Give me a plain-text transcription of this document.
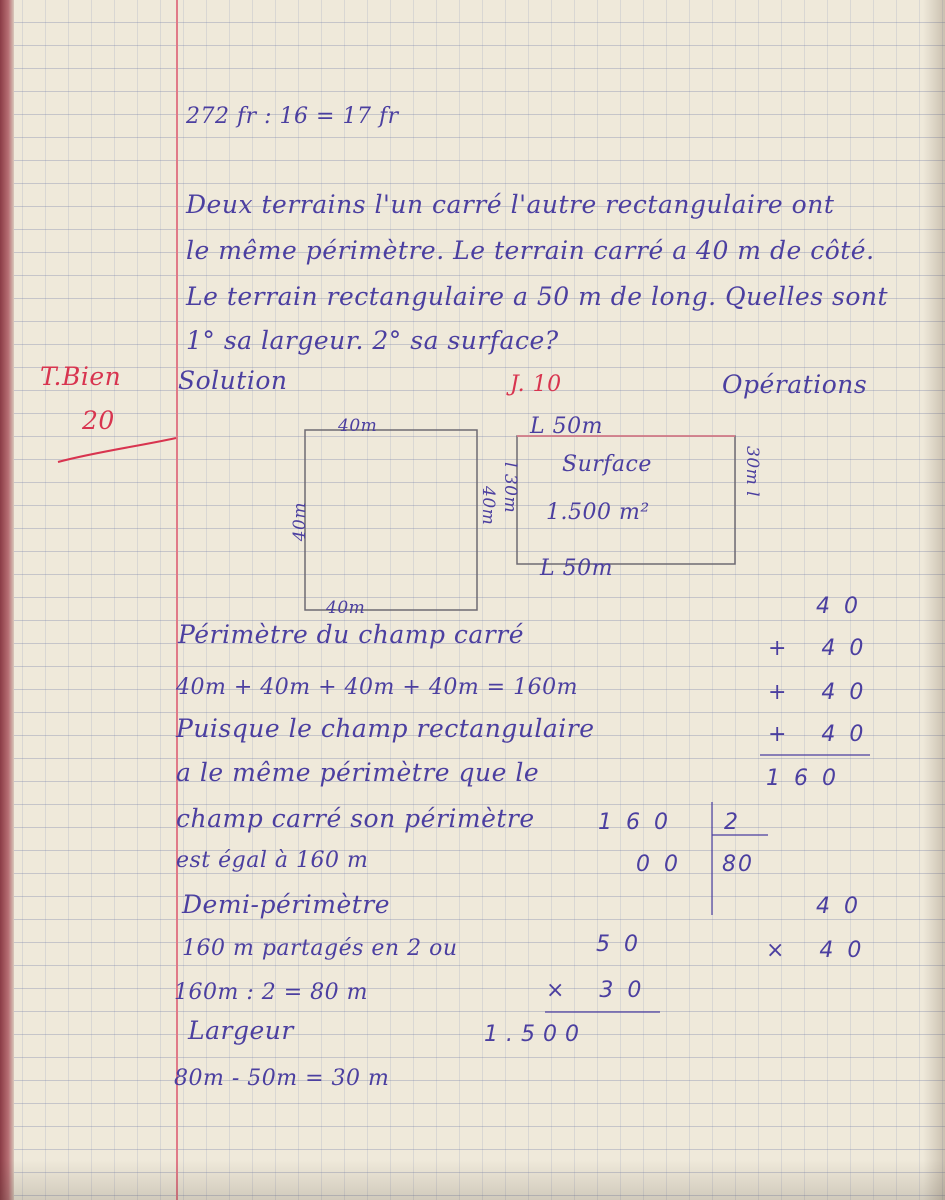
272 fr : 16 = 17 fr
Deux terrains l'un carré l'autre rectangulaire ont
le même périmètre. Le terrain carré a 40 m de côté.
Le terrain rectangulaire a 50 m de long. Quelles sont
1° sa largeur. 2° sa surface?
T.Bien
20
J. 10
Solution	Opérations
40m
40m	40m
40m
L 50m
l 30m	30m l
Surface
1.500 m²
L 50m
Périmètre du champ carré
40m + 40m + 40m + 40m = 160m
Puisque le champ rectangulaire
a le même périmètre que le
champ carré son périmètre
est égal à 160 m
Demi-périmètre
160 m partagés en 2 ou
160m : 2 = 80 m
Largeur
80m - 50m = 30 m
40
+ 40
+ 40
+ 40
160
160
00
2
80
40
× 40
50
× 30
1.500
